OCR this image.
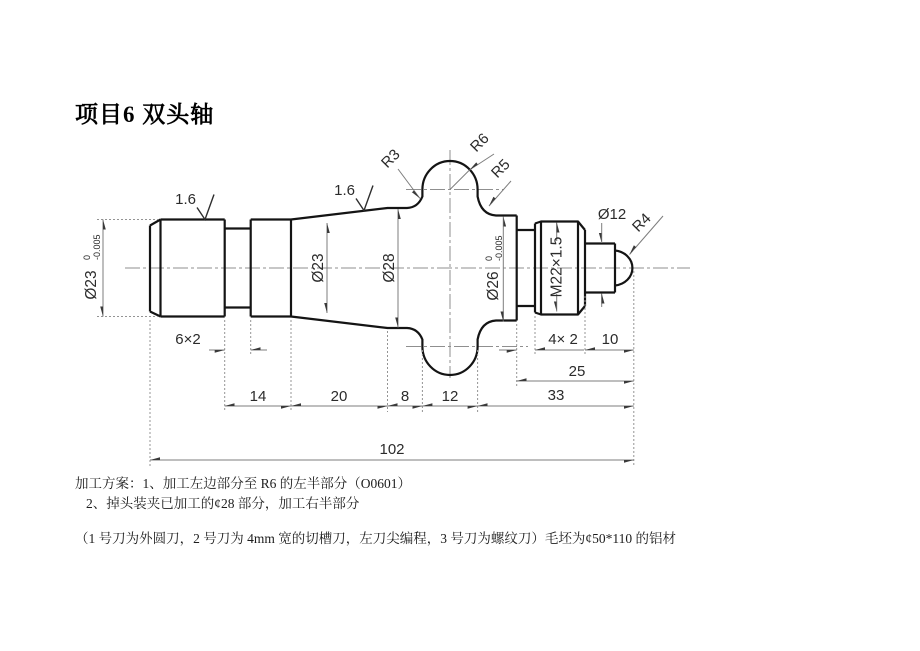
项目6 双头轴
1.6
1.6
6×2	4× 2 10
25
14	20	8 12	33
102
Ø12
Ø23
0 -0.005
Ø23	Ø28
Ø26
0 -0.005	M22×1.5
R3
R6
R5
R4
加工方案：1、加工左边部分至 R6 的左半部分（O0601）
2、掉头装夹已加工的¢28 部分，加工右半部分
（1 号刀为外圆刀，2 号刀为 4mm 宽的切槽刀，左刀尖编程，3 号刀为螺纹刀）毛坯为¢50*110 的铝材
